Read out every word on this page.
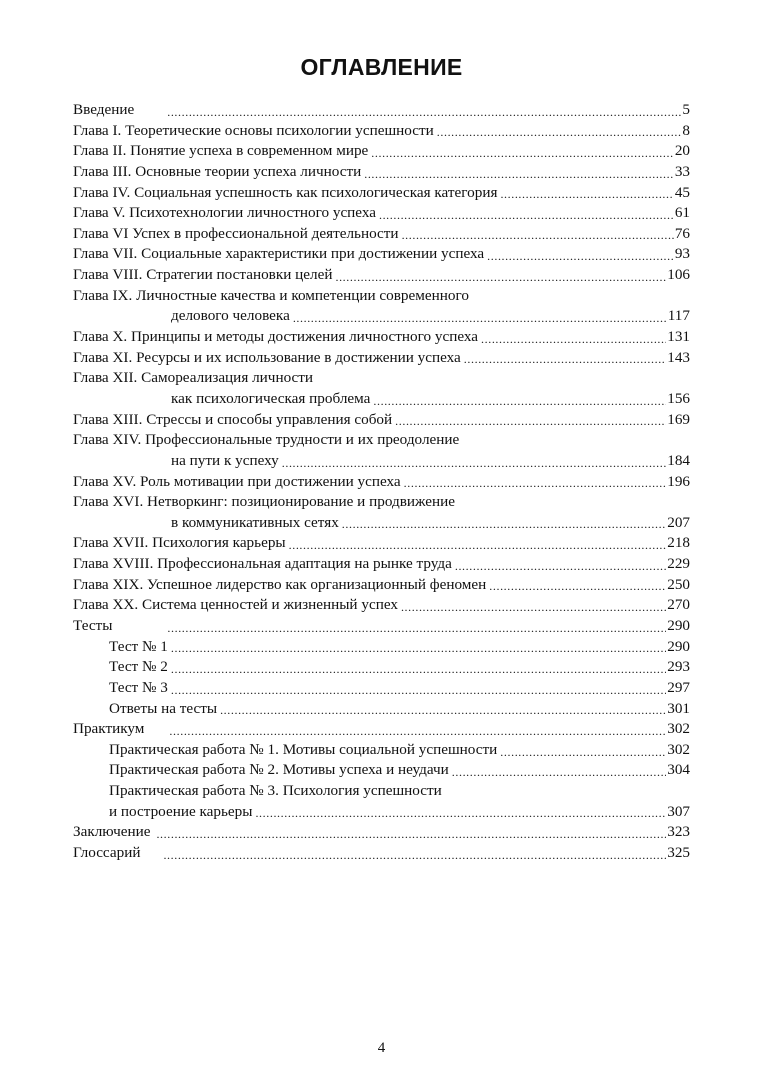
ОГЛАВЛЕНИЕ
Введение .....	5
Глава I. Теоретические основы психологии успешности .....	8
Глава II. Понятие успеха в современном мире .....	20
Глава III. Основные теории успеха личности .....	33
Глава IV. Социальная успешность как психологическая категория .....	45
Глава V. Психотехнологии личностного успеха .....	61
Глава VI Успех в профессиональной деятельности .....	76
Глава VII. Социальные характеристики при достижении успеха .....	93
Глава VIII. Стратегии постановки целей .....	106
Глава IX. Личностные качества и компетенции современного
делового человека .....	117
Глава X. Принципы и методы достижения личностного успеха .....	131
Глава XI. Ресурсы и их использование в достижении успеха .....	143
Глава XII. Самореализация личности
как психологическая проблема .....	156
Глава XIII. Стрессы и способы управления собой .....	169
Глава XIV. Профессиональные трудности и их преодоление
на пути к успеху .....	184
Глава XV. Роль мотивации при достижении успеха .....	196
Глава XVI. Нетворкинг: позиционирование и продвижение
в коммуникативных сетях .....	207
Глава XVII. Психология карьеры .....	218
Глава XVIII. Профессиональная адаптация на рынке труда .....	229
Глава XIX. Успешное лидерство как организационный феномен .....	250
Глава XX. Система ценностей и жизненный успех .....	270
Тесты .....	290
Тест № 1 .....	290
Тест № 2 .....	293
Тест № 3 .....	297
Ответы на тесты .....	301
Практикум .....	302
Практическая работа № 1. Мотивы социальной успешности .....	302
Практическая работа № 2. Мотивы успеха и неудачи .....	304
Практическая работа № 3. Психология успешности
и построение карьеры .....	307
Заключение .....	323
Глоссарий .....	325
4
